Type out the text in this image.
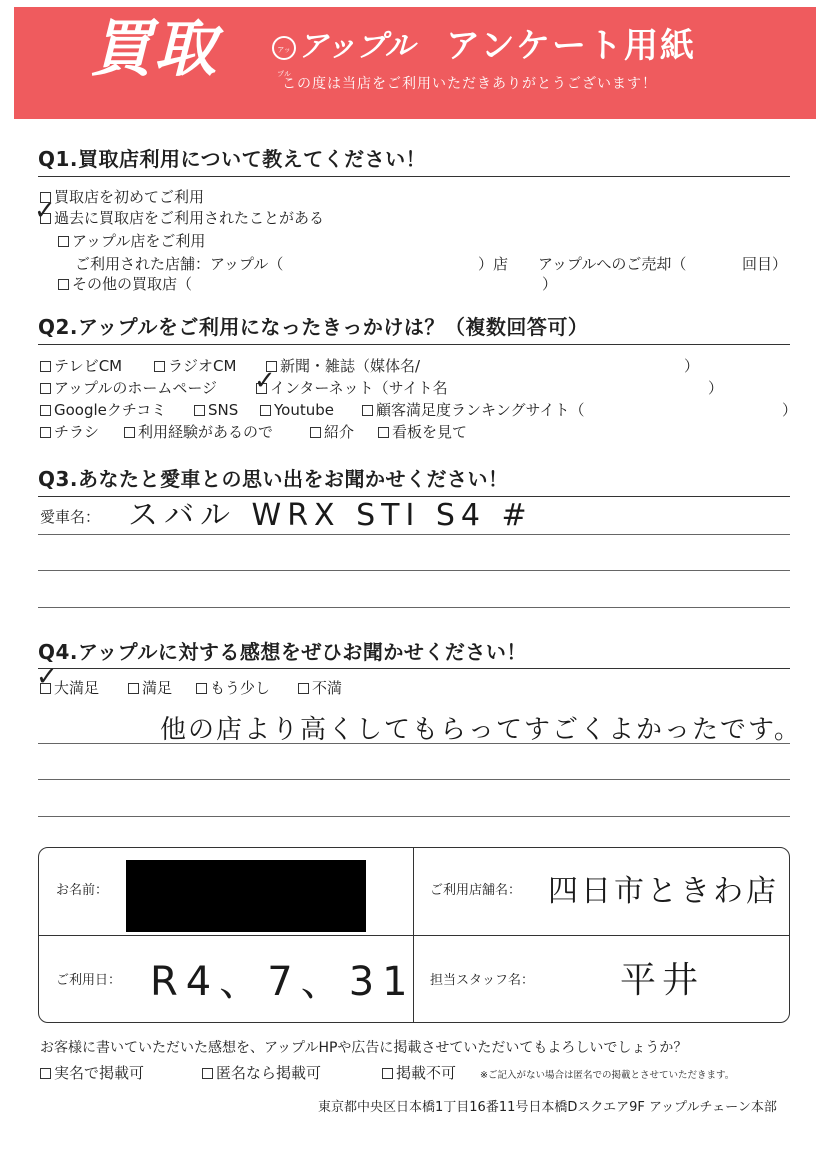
買取	アップル
アップル アンケート用紙
この度は当店をご利用いただきありがとうございます！
Q1.買取店利用について教えてください！
買取店を初めてご利用
過去に買取店をご利用されたことがある
✓
アップル店をご利用
ご利用された店舗：アップル（	）店 アップルへのご売却（	回目）
その他の買取店（	）
Q2.アップルをご利用になったきっかけは？（複数回答可）
テレビCM	ラジオCM	新聞・雑誌（媒体名/	）
アップルのホームページ	インターネット（サイト名
✓	）
Googleクチコミ	SNS	Youtube	顧客満足度ランキングサイト（	）
チラシ	利用経験があるので	紹介	看板を見て
Q3.あなたと愛車との思い出をお聞かせください！
愛車名： スバル WRX STI S4 #
Q4.アップルに対する感想をぜひお聞かせください！
大満足
✓	満足	もう少し	不満
他の店より高くしてもらってすごくよかったです。
お名前：	ご利用店舗名： 四日市ときわ店
ご利用日： R4、7、31 担当スタッフ名： 平井
お客様に書いていただいた感想を、アップルHPや広告に掲載させていただいてもよろしいでしょうか？
実名で掲載可	匿名なら掲載可	掲載不可	※ご記入がない場合は匿名での掲載とさせていただきます。
東京都中央区日本橋1丁目16番11号日本橋Dスクエア9F アップルチェーン本部
